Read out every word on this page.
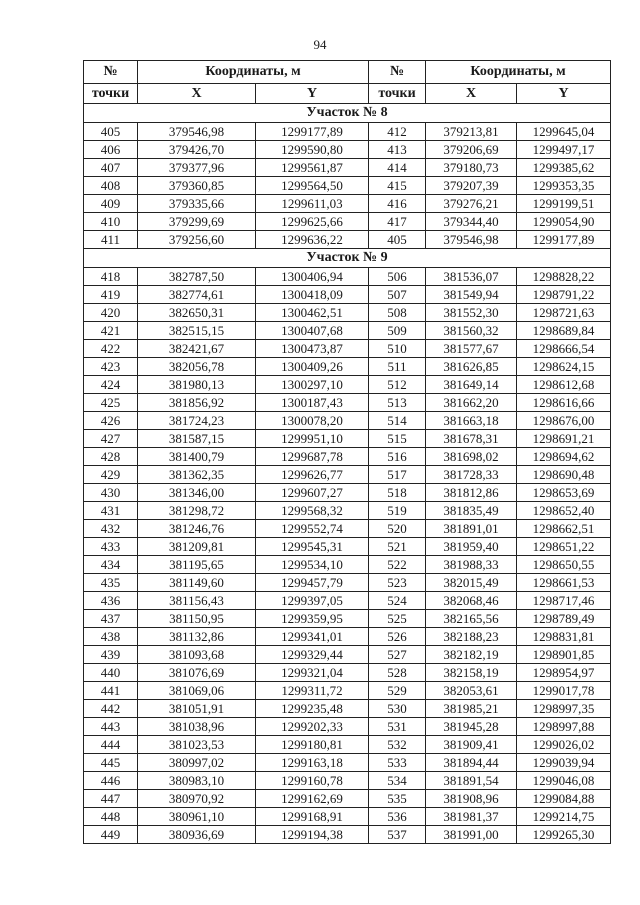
94
№	Координаты, м		№	Координаты, м	
точки	X	Y	точки	X	Y
Участок № 8					
405	379546,98	1299177,89	412	379213,81	1299645,04
406	379426,70	1299590,80	413	379206,69	1299497,17
407	379377,96	1299561,87	414	379180,73	1299385,62
408	379360,85	1299564,50	415	379207,39	1299353,35
409	379335,66	1299611,03	416	379276,21	1299199,51
410	379299,69	1299625,66	417	379344,40	1299054,90
411	379256,60	1299636,22	405	379546,98	1299177,89
Участок № 9					
418	382787,50	1300406,94	506	381536,07	1298828,22
419	382774,61	1300418,09	507	381549,94	1298791,22
420	382650,31	1300462,51	508	381552,30	1298721,63
421	382515,15	1300407,68	509	381560,32	1298689,84
422	382421,67	1300473,87	510	381577,67	1298666,54
423	382056,78	1300409,26	511	381626,85	1298624,15
424	381980,13	1300297,10	512	381649,14	1298612,68
425	381856,92	1300187,43	513	381662,20	1298616,66
426	381724,23	1300078,20	514	381663,18	1298676,00
427	381587,15	1299951,10	515	381678,31	1298691,21
428	381400,79	1299687,78	516	381698,02	1298694,62
429	381362,35	1299626,77	517	381728,33	1298690,48
430	381346,00	1299607,27	518	381812,86	1298653,69
431	381298,72	1299568,32	519	381835,49	1298652,40
432	381246,76	1299552,74	520	381891,01	1298662,51
433	381209,81	1299545,31	521	381959,40	1298651,22
434	381195,65	1299534,10	522	381988,33	1298650,55
435	381149,60	1299457,79	523	382015,49	1298661,53
436	381156,43	1299397,05	524	382068,46	1298717,46
437	381150,95	1299359,95	525	382165,56	1298789,49
438	381132,86	1299341,01	526	382188,23	1298831,81
439	381093,68	1299329,44	527	382182,19	1298901,85
440	381076,69	1299321,04	528	382158,19	1298954,97
441	381069,06	1299311,72	529	382053,61	1299017,78
442	381051,91	1299235,48	530	381985,21	1298997,35
443	381038,96	1299202,33	531	381945,28	1298997,88
444	381023,53	1299180,81	532	381909,41	1299026,02
445	380997,02	1299163,18	533	381894,44	1299039,94
446	380983,10	1299160,78	534	381891,54	1299046,08
447	380970,92	1299162,69	535	381908,96	1299084,88
448	380961,10	1299168,91	536	381981,37	1299214,75
449	380936,69	1299194,38	537	381991,00	1299265,30
